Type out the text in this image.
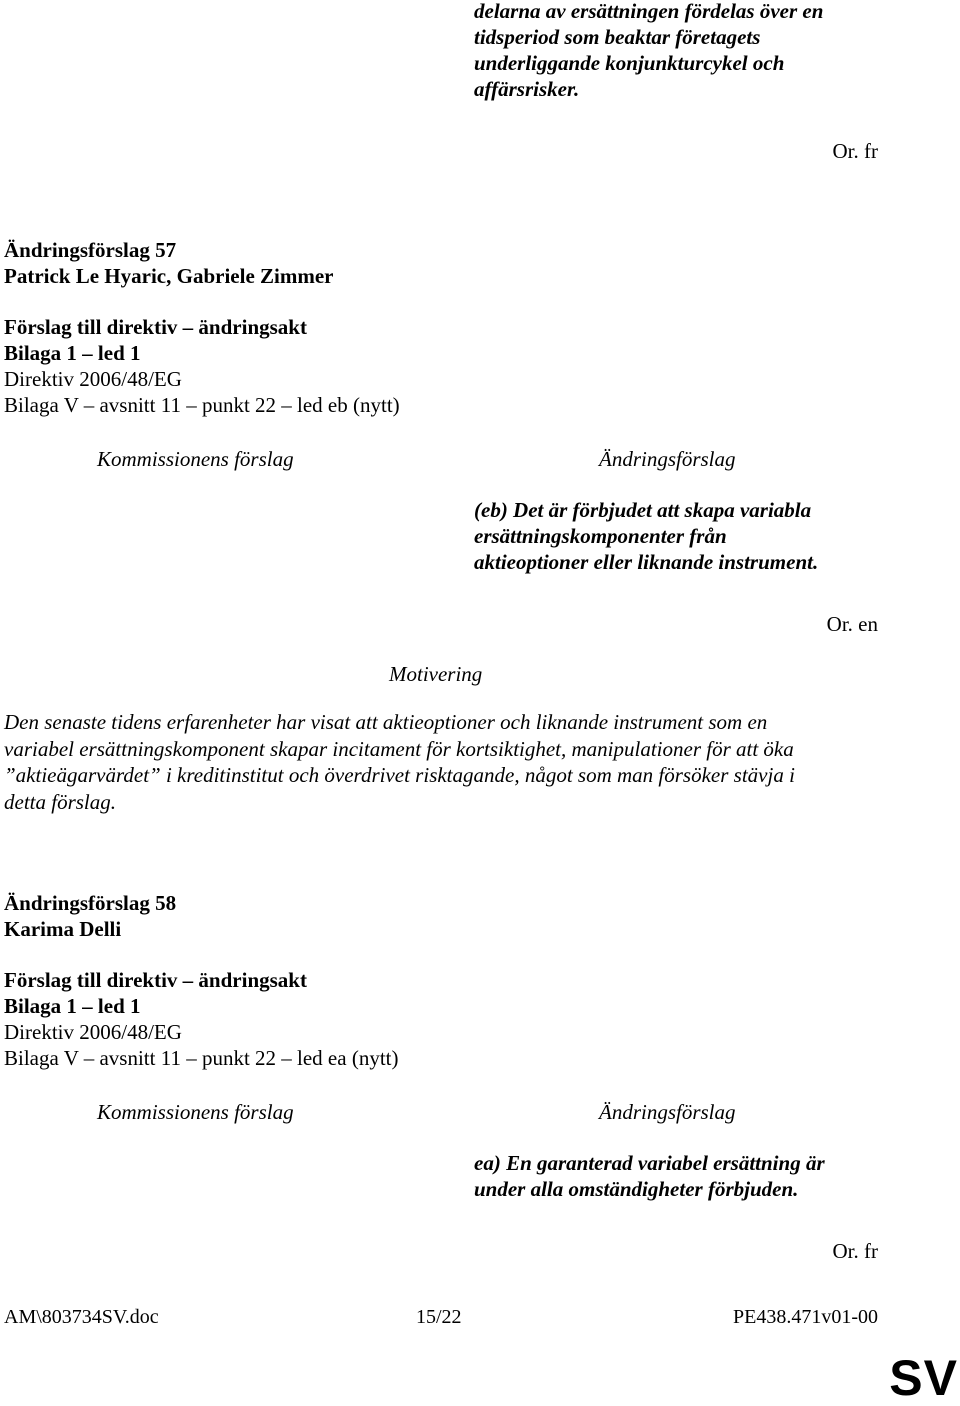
delarna av ersättningen fördelas över en
tidsperiod som beaktar företagets
underliggande konjunkturcykel och
affärsrisker.
Or. fr
Ändringsförslag 57
Patrick Le Hyaric, Gabriele Zimmer
Förslag till direktiv – ändringsakt
Bilaga 1 – led 1
Direktiv 2006/48/EG
Bilaga V – avsnitt 11 – punkt 22 – led eb (nytt)
Kommissionens förslag	Ändringsförslag
(eb) Det är förbjudet att skapa variabla
ersättningskomponenter från
aktieoptioner eller liknande instrument.
Or. en
Motivering
Den senaste tidens erfarenheter har visat att aktieoptioner och liknande instrument som en
variabel ersättningskomponent skapar incitament för kortsiktighet, manipulationer för att öka
”aktieägarvärdet” i kreditinstitut och överdrivet risktagande, något som man försöker stävja i
detta förslag.
Ändringsförslag 58
Karima Delli
Förslag till direktiv – ändringsakt
Bilaga 1 – led 1
Direktiv 2006/48/EG
Bilaga V – avsnitt 11 – punkt 22 – led ea (nytt)
Kommissionens förslag	Ändringsförslag
ea) En garanterad variabel ersättning är
under alla omständigheter förbjuden.
Or. fr
AM\803734SV.doc	15/22	PE438.471v01-00
SV
